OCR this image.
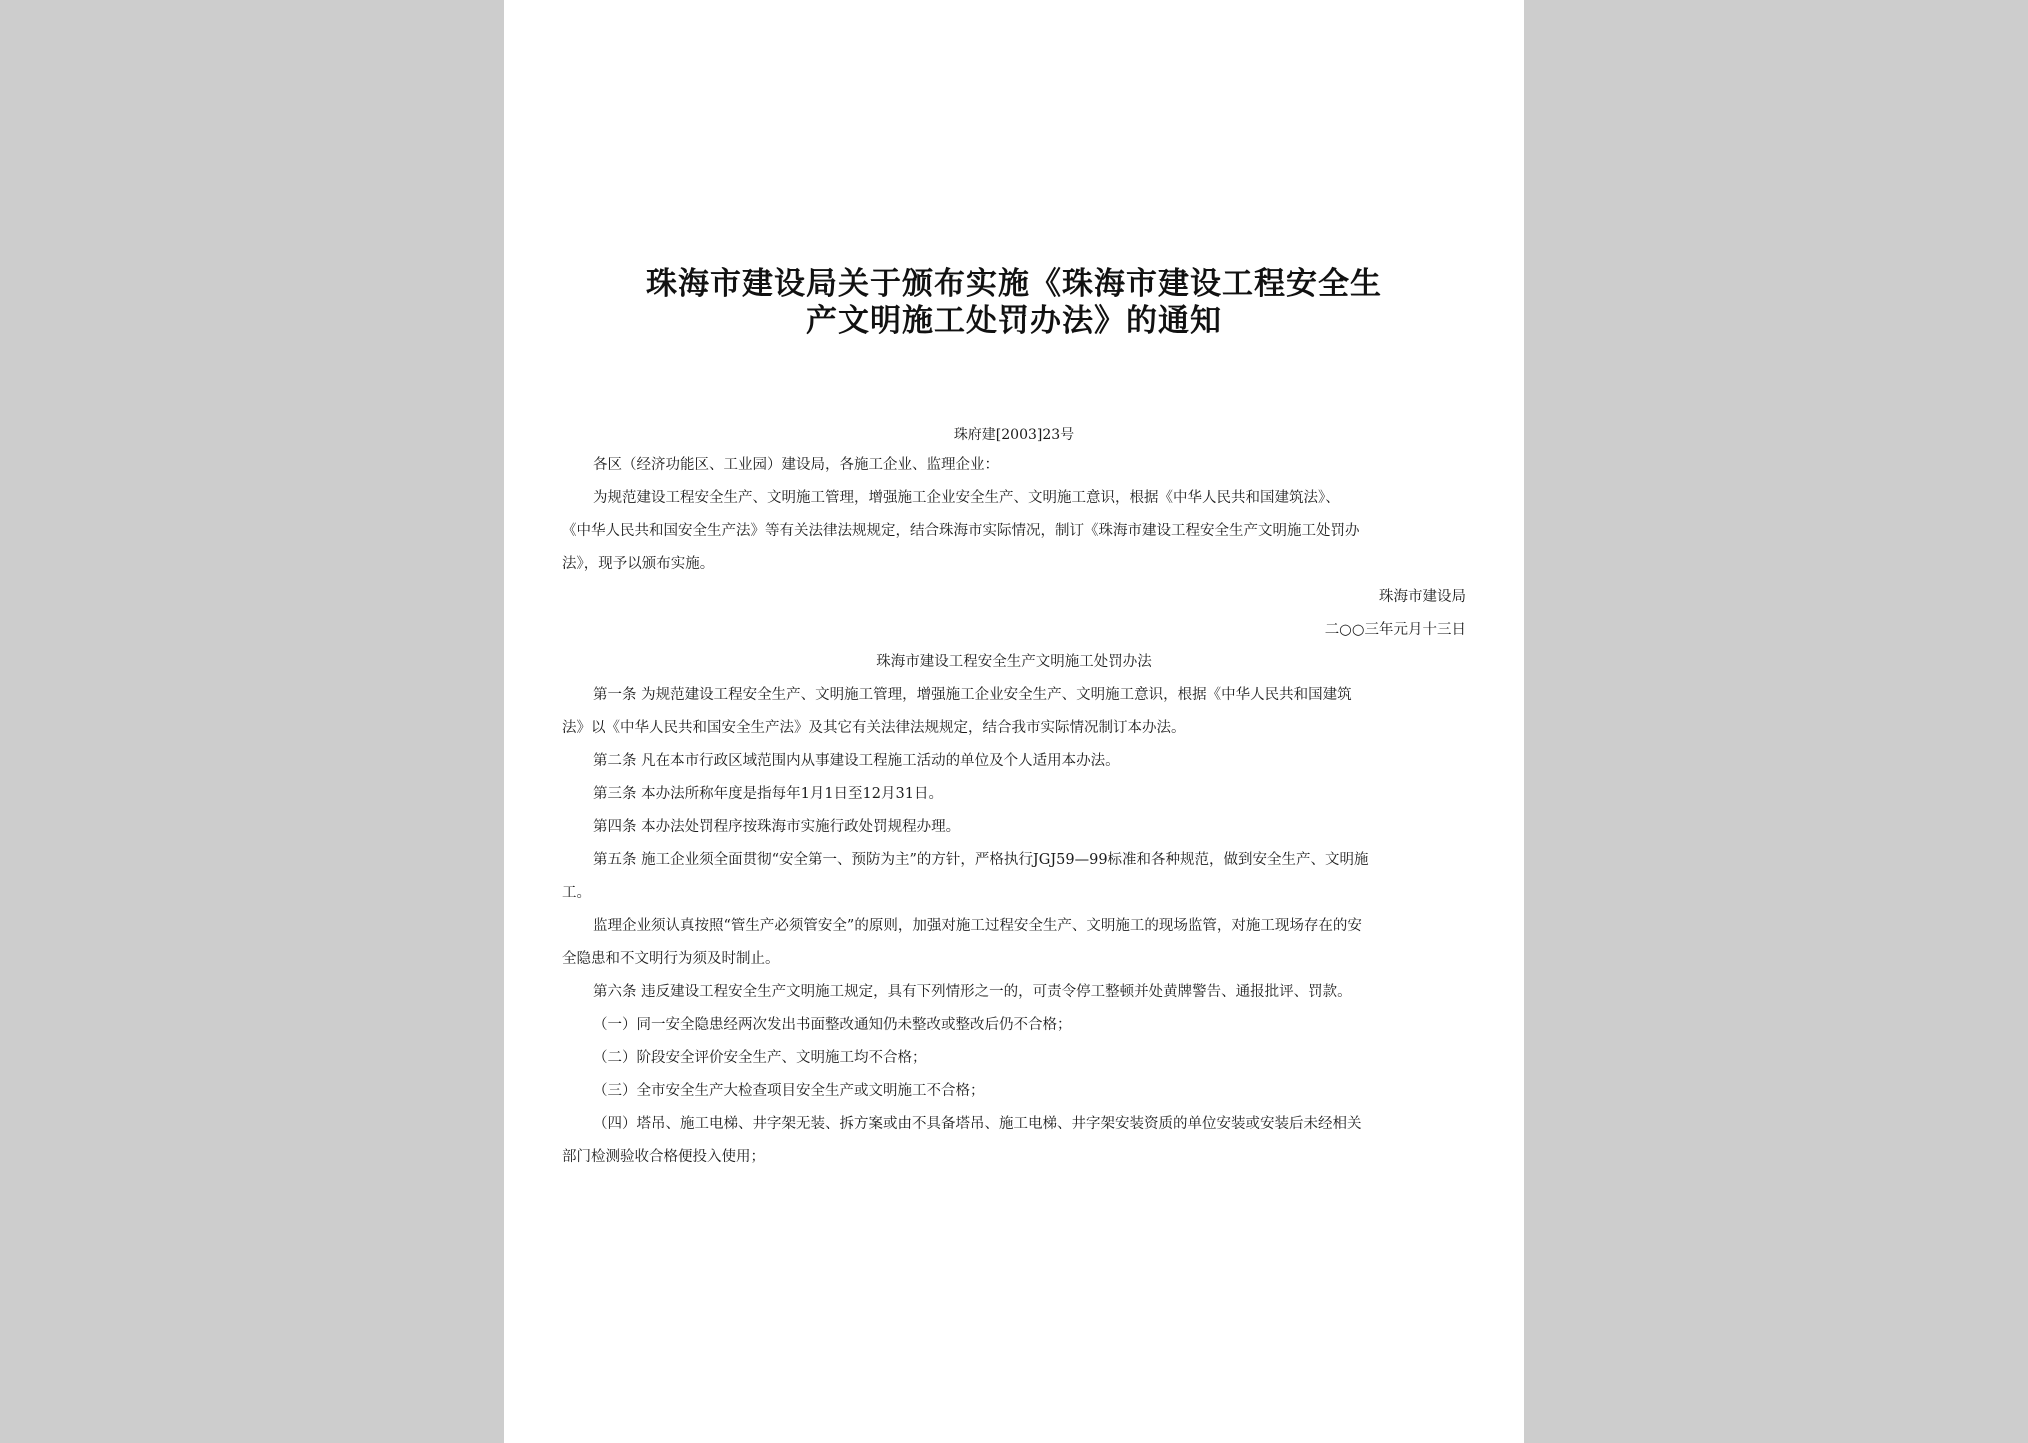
珠海市建设局关于颁布实施《珠海市建设工程安全生
产文明施工处罚办法》的通知
珠府建[2003]23号
各区（经济功能区、工业园）建设局，各施工企业、监理企业：
为规范建设工程安全生产、文明施工管理，增强施工企业安全生产、文明施工意识，根据《中华人民共和国建筑法》、
《中华人民共和国安全生产法》等有关法律法规规定，结合珠海市实际情况，制订《珠海市建设工程安全生产文明施工处罚办
法》，现予以颁布实施。
珠海市建设局
二○○三年元月十三日
珠海市建设工程安全生产文明施工处罚办法
第一条 为规范建设工程安全生产、文明施工管理，增强施工企业安全生产、文明施工意识，根据《中华人民共和国建筑
法》以《中华人民共和国安全生产法》及其它有关法律法规规定，结合我市实际情况制订本办法。
第二条 凡在本市行政区域范围内从事建设工程施工活动的单位及个人适用本办法。
第三条 本办法所称年度是指每年1月1日至12月31日。
第四条 本办法处罚程序按珠海市实施行政处罚规程办理。
第五条 施工企业须全面贯彻“安全第一、预防为主”的方针，严格执行JGJ59—99标准和各种规范，做到安全生产、文明施
工。
监理企业须认真按照“管生产必须管安全”的原则，加强对施工过程安全生产、文明施工的现场监管，对施工现场存在的安
全隐患和不文明行为须及时制止。
第六条 违反建设工程安全生产文明施工规定，具有下列情形之一的，可责令停工整顿并处黄牌警告、通报批评、罚款。
（一）同一安全隐患经两次发出书面整改通知仍未整改或整改后仍不合格；
（二）阶段安全评价安全生产、文明施工均不合格；
（三）全市安全生产大检查项目安全生产或文明施工不合格；
（四）塔吊、施工电梯、井字架无装、拆方案或由不具备塔吊、施工电梯、井字架安装资质的单位安装或安装后未经相关
部门检测验收合格便投入使用；
